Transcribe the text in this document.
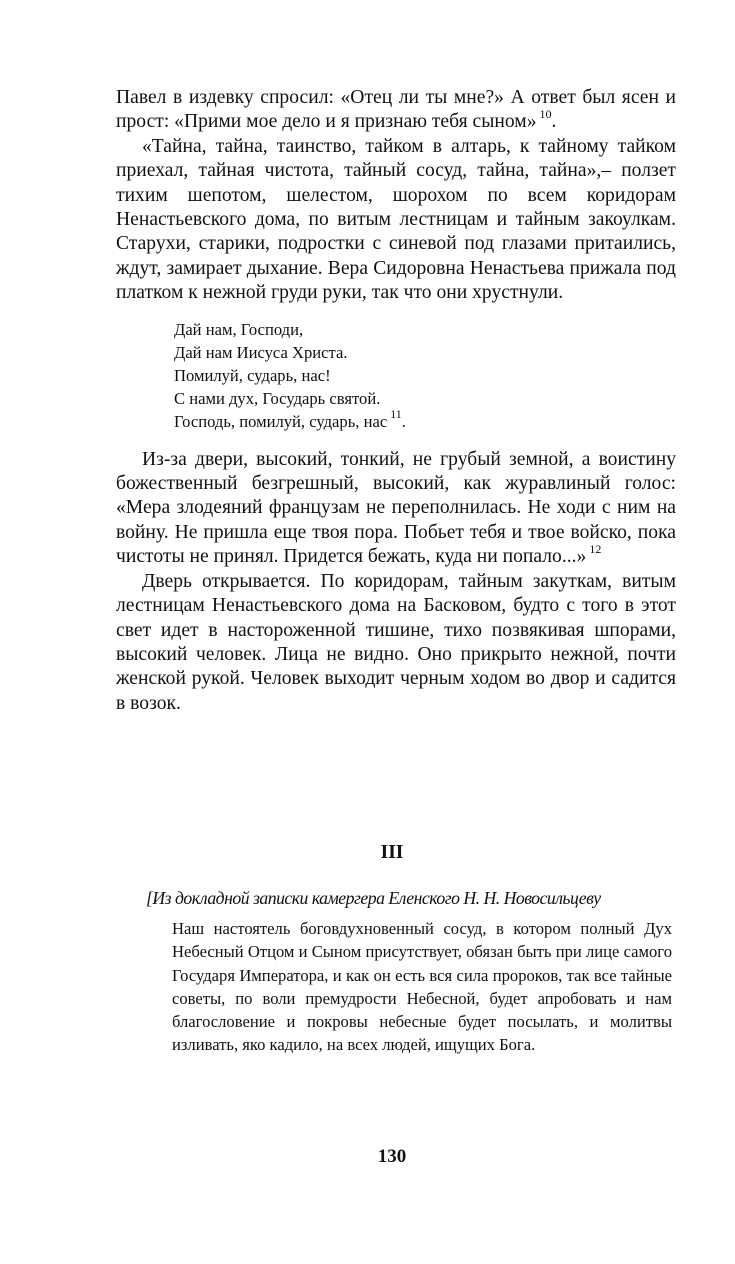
Павел в издевку спросил: «Отец ли ты мне?» А ответ был ясен и прост: «Прими мое дело и я признаю тебя сыном» $^{10}$.

«Тайна, тайна, таинство, тайком в алтарь, к тайному тайком приехал, тайная чистота, тайный сосуд, тайна, тайна»,– ползет тихим шепотом, шелестом, шорохом по всем коридорам Ненастьевского дома, по витым лестницам и тайным закоулкам. Старухи, старики, подростки с синевой под глазами притаились, ждут, замирает дыхание. Вера Сидоровна Ненастьева прижала под платком к нежной груди руки, так что они хрустнули.

Дай нам, Господи,
Дай нам Иисуса Христа.
Помилуй, сударь, нас!
С нами дух, Государь святой.
Господь, помилуй, сударь, нас $^{11}$.

Из-за двери, высокий, тонкий, не грубый земной, а воистину божественный безгрешный, высокий, как журавлиный голос: «Мера злодеяний французам не переполнилась. Не ходи с ним на войну. Не пришла еще твоя пора. Побьет тебя и твое войско, пока чистоты не принял. Придется бежать, куда ни попало...» $^{12}$

Дверь открывается. По коридорам, тайным закуткам, витым лестницам Ненастьевского дома на Басковом, будто с того в этот свет идет в настороженной тишине, тихо позвякивая шпорами, высокий человек. Лица не видно. Оно прикрыто нежной, почти женской рукой. Человек выходит черным ходом во двор и садится в возок.

III
[Из докладной записки камергера Еленского Н. Н. Новосильцеву
Наш настоятель боговдухновенный сосуд, в котором полный Дух Небесный Отцом и Сыном присутствует, обязан быть при лице самого Государя Императора, и как он есть вся сила пророков, так все тайные советы, по воли премудрости Небесной, будет апробовать и нам благословение и покровы небесные будет посылать, и молитвы изливать, яко кадило, на всех людей, ищущих Бога.
130
